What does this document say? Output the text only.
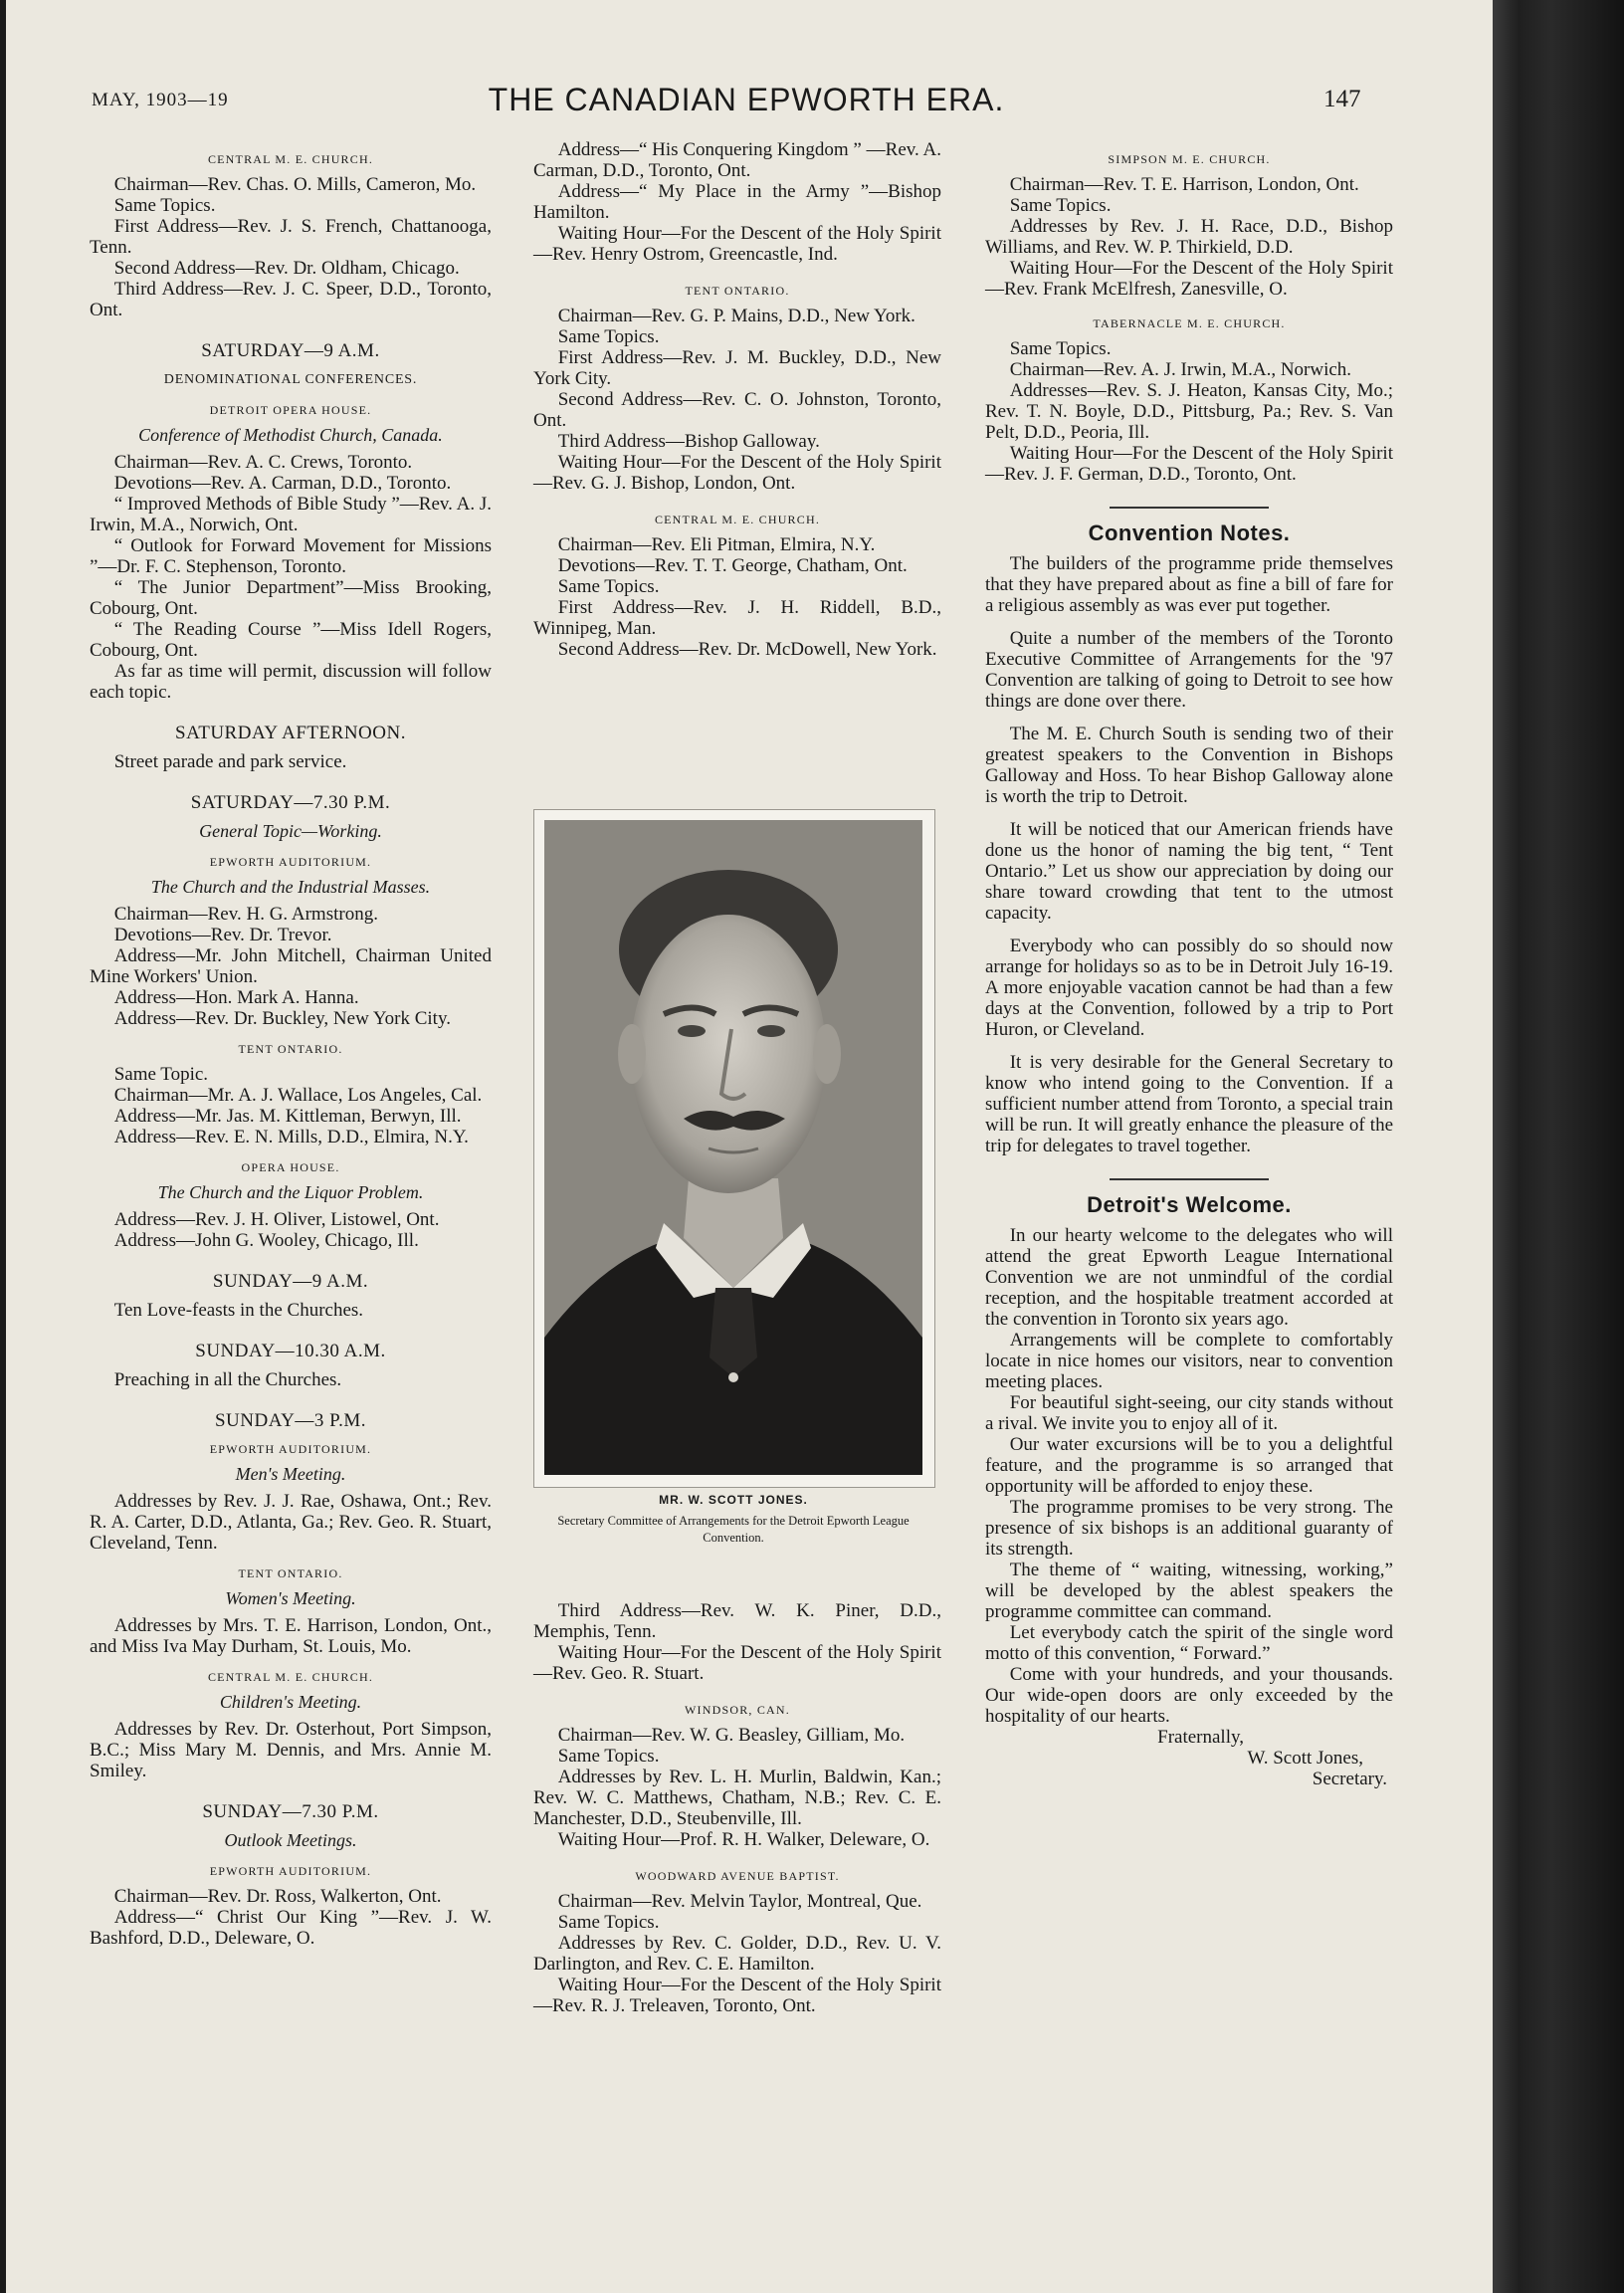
MAY, 1903—19	THE CANADIAN EPWORTH ERA.	147
CENTRAL M. E. CHURCH.

Chairman—Rev. Chas. O. Mills, Cameron, Mo.

Same Topics.

First Address—Rev. J. S. French, Chattanooga, Tenn.

Second Address—Rev. Dr. Oldham, Chicago.

Third Address—Rev. J. C. Speer, D.D., Toronto, Ont.

SATURDAY—9 A.M.
DENOMINATIONAL CONFERENCES.
DETROIT OPERA HOUSE.
Conference of Methodist Church, Canada.

Chairman—Rev. A. C. Crews, Toronto.

Devotions—Rev. A. Carman, D.D., Toronto.

“ Improved Methods of Bible Study ”—Rev. A. J. Irwin, M.A., Norwich, Ont.

“ Outlook for Forward Movement for Missions ”—Dr. F. C. Stephenson, Toronto.

“ The Junior Department”—Miss Brooking, Cobourg, Ont.

“ The Reading Course ”—Miss Idell Rogers, Cobourg, Ont.

As far as time will permit, discussion will follow each topic.

SATURDAY AFTERNOON.

Street parade and park service.

SATURDAY—7.30 P.M.
General Topic—Working.
EPWORTH AUDITORIUM.
The Church and the Industrial Masses.

Chairman—Rev. H. G. Armstrong.

Devotions—Rev. Dr. Trevor.

Address—Mr. John Mitchell, Chairman United Mine Workers' Union.

Address—Hon. Mark A. Hanna.

Address—Rev. Dr. Buckley, New York City.

TENT ONTARIO.

Same Topic.

Chairman—Mr. A. J. Wallace, Los Angeles, Cal.

Address—Mr. Jas. M. Kittleman, Berwyn, Ill.

Address—Rev. E. N. Mills, D.D., Elmira, N.Y.

OPERA HOUSE.
The Church and the Liquor Problem.

Address—Rev. J. H. Oliver, Listowel, Ont.

Address—John G. Wooley, Chicago, Ill.

SUNDAY—9 A.M.

Ten Love-feasts in the Churches.

SUNDAY—10.30 A.M.

Preaching in all the Churches.

SUNDAY—3 P.M.
EPWORTH AUDITORIUM.
Men's Meeting.

Addresses by Rev. J. J. Rae, Oshawa, Ont.; Rev. R. A. Carter, D.D., Atlanta, Ga.; Rev. Geo. R. Stuart, Cleveland, Tenn.

TENT ONTARIO.
Women's Meeting.

Addresses by Mrs. T. E. Harrison, London, Ont., and Miss Iva May Durham, St. Louis, Mo.

CENTRAL M. E. CHURCH.
Children's Meeting.

Addresses by Rev. Dr. Osterhout, Port Simpson, B.C.; Miss Mary M. Dennis, and Mrs. Annie M. Smiley.

SUNDAY—7.30 P.M.
Outlook Meetings.
EPWORTH AUDITORIUM.

Chairman—Rev. Dr. Ross, Walkerton, Ont.

Address—“ Christ Our King ”—Rev. J. W. Bashford, D.D., Deleware, O.

Address—“ His Conquering Kingdom ” —Rev. A. Carman, D.D., Toronto, Ont.

Address—“ My Place in the Army ”—Bishop Hamilton.

Waiting Hour—For the Descent of the Holy Spirit—Rev. Henry Ostrom, Greencastle, Ind.

TENT ONTARIO.

Chairman—Rev. G. P. Mains, D.D., New York.

Same Topics.

First Address—Rev. J. M. Buckley, D.D., New York City.

Second Address—Rev. C. O. Johnston, Toronto, Ont.

Third Address—Bishop Galloway.

Waiting Hour—For the Descent of the Holy Spirit—Rev. G. J. Bishop, London, Ont.

CENTRAL M. E. CHURCH.

Chairman—Rev. Eli Pitman, Elmira, N.Y.

Devotions—Rev. T. T. George, Chatham, Ont.

Same Topics.

First Address—Rev. J. H. Riddell, B.D., Winnipeg, Man.

Second Address—Rev. Dr. McDowell, New York.

MR. W. SCOTT JONES.
Secretary Committee of Arrangements for the Detroit Epworth League Convention.

Third Address—Rev. W. K. Piner, D.D., Memphis, Tenn.

Waiting Hour—For the Descent of the Holy Spirit—Rev. Geo. R. Stuart.

WINDSOR, CAN.

Chairman—Rev. W. G. Beasley, Gilliam, Mo.

Same Topics.

Addresses by Rev. L. H. Murlin, Baldwin, Kan.; Rev. W. C. Matthews, Chatham, N.B.; Rev. C. E. Manchester, D.D., Steubenville, Ill.

Waiting Hour—Prof. R. H. Walker, Deleware, O.

WOODWARD AVENUE BAPTIST.

Chairman—Rev. Melvin Taylor, Montreal, Que.

Same Topics.

Addresses by Rev. C. Golder, D.D., Rev. U. V. Darlington, and Rev. C. E. Hamilton.

Waiting Hour—For the Descent of the Holy Spirit—Rev. R. J. Treleaven, Toronto, Ont.

SIMPSON M. E. CHURCH.

Chairman—Rev. T. E. Harrison, London, Ont.

Same Topics.

Addresses by Rev. J. H. Race, D.D., Bishop Williams, and Rev. W. P. Thirkield, D.D.

Waiting Hour—For the Descent of the Holy Spirit—Rev. Frank McElfresh, Zanesville, O.

TABERNACLE M. E. CHURCH.

Same Topics.

Chairman—Rev. A. J. Irwin, M.A., Norwich.

Addresses—Rev. S. J. Heaton, Kansas City, Mo.; Rev. T. N. Boyle, D.D., Pittsburg, Pa.; Rev. S. Van Pelt, D.D., Peoria, Ill.

Waiting Hour—For the Descent of the Holy Spirit—Rev. J. F. German, D.D., Toronto, Ont.

Convention Notes.

The builders of the programme pride themselves that they have prepared about as fine a bill of fare for a religious assembly as was ever put together.

Quite a number of the members of the Toronto Executive Committee of Arrangements for the '97 Convention are talking of going to Detroit to see how things are done over there.

The M. E. Church South is sending two of their greatest speakers to the Convention in Bishops Galloway and Hoss. To hear Bishop Galloway alone is worth the trip to Detroit.

It will be noticed that our American friends have done us the honor of naming the big tent, “ Tent Ontario.” Let us show our appreciation by doing our share toward crowding that tent to the utmost capacity.

Everybody who can possibly do so should now arrange for holidays so as to be in Detroit July 16-19. A more enjoyable vacation cannot be had than a few days at the Convention, followed by a trip to Port Huron, or Cleveland.

It is very desirable for the General Secretary to know who intend going to the Convention. If a sufficient number attend from Toronto, a special train will be run. It will greatly enhance the pleasure of the trip for delegates to travel together.

Detroit's Welcome.

In our hearty welcome to the delegates who will attend the great Epworth League International Convention we are not unmindful of the cordial reception, and the hospitable treatment accorded at the convention in Toronto six years ago.

Arrangements will be complete to comfortably locate in nice homes our visitors, near to convention meeting places.

For beautiful sight-seeing, our city stands without a rival. We invite you to enjoy all of it.

Our water excursions will be to you a delightful feature, and the programme is so arranged that opportunity will be afforded to enjoy these.

The programme promises to be very strong. The presence of six bishops is an additional guaranty of its strength.

The theme of “ waiting, witnessing, working,” will be developed by the ablest speakers the programme committee can command.

Let everybody catch the spirit of the single word motto of this convention, “ Forward.”

Come with your hundreds, and your thousands. Our wide-open doors are only exceeded by the hospitality of our hearts.

Fraternally,

W. Scott Jones,

Secretary.
